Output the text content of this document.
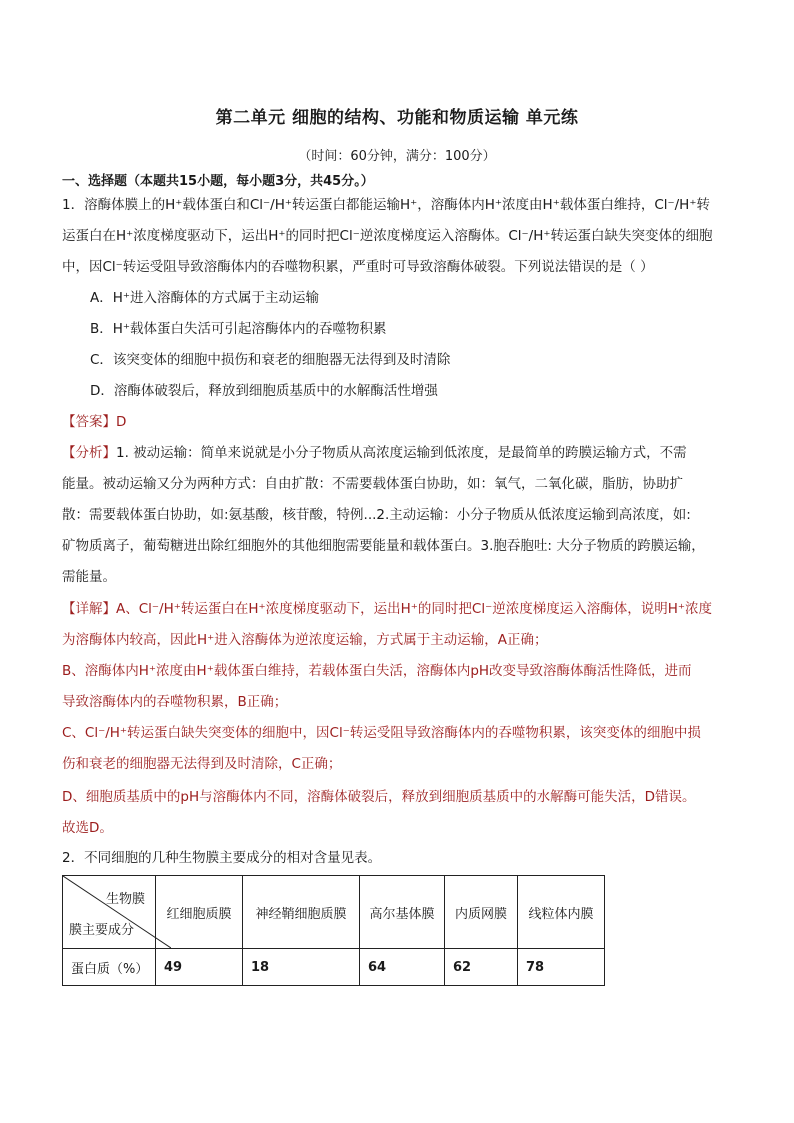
第二单元 细胞的结构、功能和物质运输 单元练
（时间：60分钟，满分：100分）
一、选择题（本题共15小题，每小题3分，共45分。）
1．溶酶体膜上的H⁺载体蛋白和Cl⁻/H⁺转运蛋白都能运输H⁺，溶酶体内H⁺浓度由H⁺载体蛋白维持，Cl⁻/H⁺转
运蛋白在H⁺浓度梯度驱动下，运出H⁺的同时把Cl⁻逆浓度梯度运入溶酶体。Cl⁻/H⁺转运蛋白缺失突变体的细胞
中，因Cl⁻转运受阻导致溶酶体内的吞噬物积累，严重时可导致溶酶体破裂。下列说法错误的是（ ）
A．H⁺进入溶酶体的方式属于主动运输
B．H⁺载体蛋白失活可引起溶酶体内的吞噬物积累
C．该突变体的细胞中损伤和衰老的细胞器无法得到及时清除
D．溶酶体破裂后，释放到细胞质基质中的水解酶活性增强
【答案】D
【分析】1. 被动运输：简单来说就是小分子物质从高浓度运输到低浓度，是最简单的跨膜运输方式，不需
能量。被动运输又分为两种方式：自由扩散：不需要载体蛋白协助，如：氧气，二氧化碳，脂肪，协助扩
散：需要载体蛋白协助，如:氨基酸，核苷酸，特例...2.主动运输：小分子物质从低浓度运输到高浓度，如:
矿物质离子，葡萄糖进出除红细胞外的其他细胞需要能量和载体蛋白。3.胞吞胞吐: 大分子物质的跨膜运输，
需能量。
【详解】A、Cl⁻/H⁺转运蛋白在H⁺浓度梯度驱动下，运出H⁺的同时把Cl⁻逆浓度梯度运入溶酶体，说明H⁺浓度
为溶酶体内较高，因此H⁺进入溶酶体为逆浓度运输，方式属于主动运输，A正确；
B、溶酶体内H⁺浓度由H⁺载体蛋白维持，若载体蛋白失活，溶酶体内pH改变导致溶酶体酶活性降低，进而
导致溶酶体内的吞噬物积累，B正确；
C、Cl⁻/H⁺转运蛋白缺失突变体的细胞中，因Cl⁻转运受阻导致溶酶体内的吞噬物积累，该突变体的细胞中损
伤和衰老的细胞器无法得到及时清除，C正确；
D、细胞质基质中的pH与溶酶体内不同，溶酶体破裂后，释放到细胞质基质中的水解酶可能失活，D错误。
故选D。
2．不同细胞的几种生物膜主要成分的相对含量见表。
生物膜
膜主要成分	红细胞质膜	神经鞘细胞质膜	高尔基体膜	内质网膜	线粒体内膜
蛋白质（%）	49	18	64	62	78
